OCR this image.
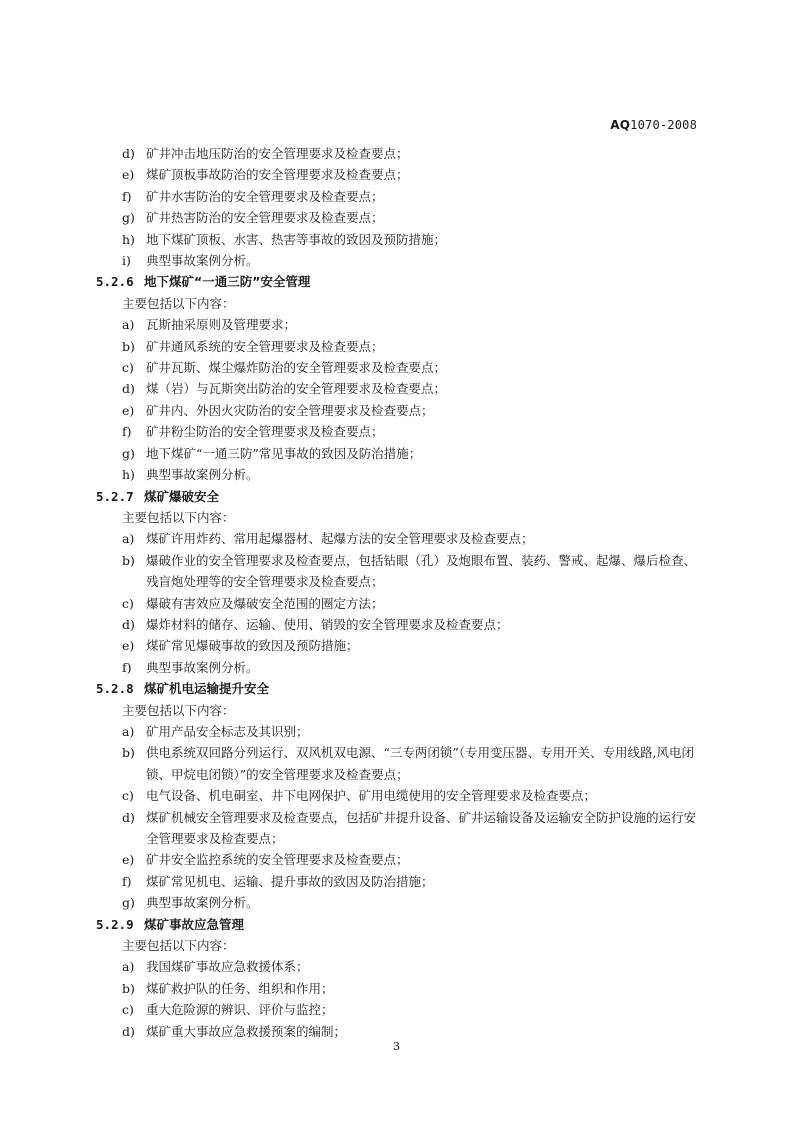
AQ1070-2008
d) 矿井冲击地压防治的安全管理要求及检查要点；
e) 煤矿顶板事故防治的安全管理要求及检查要点；
f)	矿井水害防治的安全管理要求及检查要点；
g) 矿井热害防治的安全管理要求及检查要点；
h) 地下煤矿顶板、水害、热害等事故的致因及预防措施；
i)	典型事故案例分析。
5.2.6 地下煤矿“一通三防”安全管理
主要包括以下内容：
a) 瓦斯抽采原则及管理要求；
b) 矿井通风系统的安全管理要求及检查要点；
c) 矿井瓦斯、煤尘爆炸防治的安全管理要求及检查要点；
d) 煤（岩）与瓦斯突出防治的安全管理要求及检查要点；
e) 矿井内、外因火灾防治的安全管理要求及检查要点；
f)	矿井粉尘防治的安全管理要求及检查要点；
g) 地下煤矿“一通三防”常见事故的致因及防治措施；
h) 典型事故案例分析。
5.2.7 煤矿爆破安全
主要包括以下内容：
a) 煤矿许用炸药、常用起爆器材、起爆方法的安全管理要求及检查要点；
b) 爆破作业的安全管理要求及检查要点，包括钻眼（孔）及炮眼布置、装药、警戒、起爆、爆后检查、残盲炮处理等的安全管理要求及检查要点；
c) 爆破有害效应及爆破安全范围的圈定方法；
d) 爆炸材料的储存、运输、使用、销毁的安全管理要求及检查要点；
e) 煤矿常见爆破事故的致因及预防措施；
f)	典型事故案例分析。
5.2.8 煤矿机电运输提升安全
主要包括以下内容：
a) 矿用产品安全标志及其识别；
b) 供电系统双回路分列运行、双风机双电源、“三专两闭锁”（专用变压器、专用开关、专用线路,风电闭锁、甲烷电闭锁）”的安全管理要求及检查要点；
c) 电气设备、机电硐室、井下电网保护、矿用电缆使用的安全管理要求及检查要点；
d) 煤矿机械安全管理要求及检查要点，包括矿井提升设备、矿井运输设备及运输安全防护设施的运行安全管理要求及检查要点；
e) 矿井安全监控系统的安全管理要求及检查要点；
f)	煤矿常见机电、运输、提升事故的致因及防治措施；
g) 典型事故案例分析。
5.2.9 煤矿事故应急管理
主要包括以下内容：
a) 我国煤矿事故应急救援体系；
b) 煤矿救护队的任务、组织和作用；
c) 重大危险源的辨识、评价与监控；
d) 煤矿重大事故应急救援预案的编制；
3
